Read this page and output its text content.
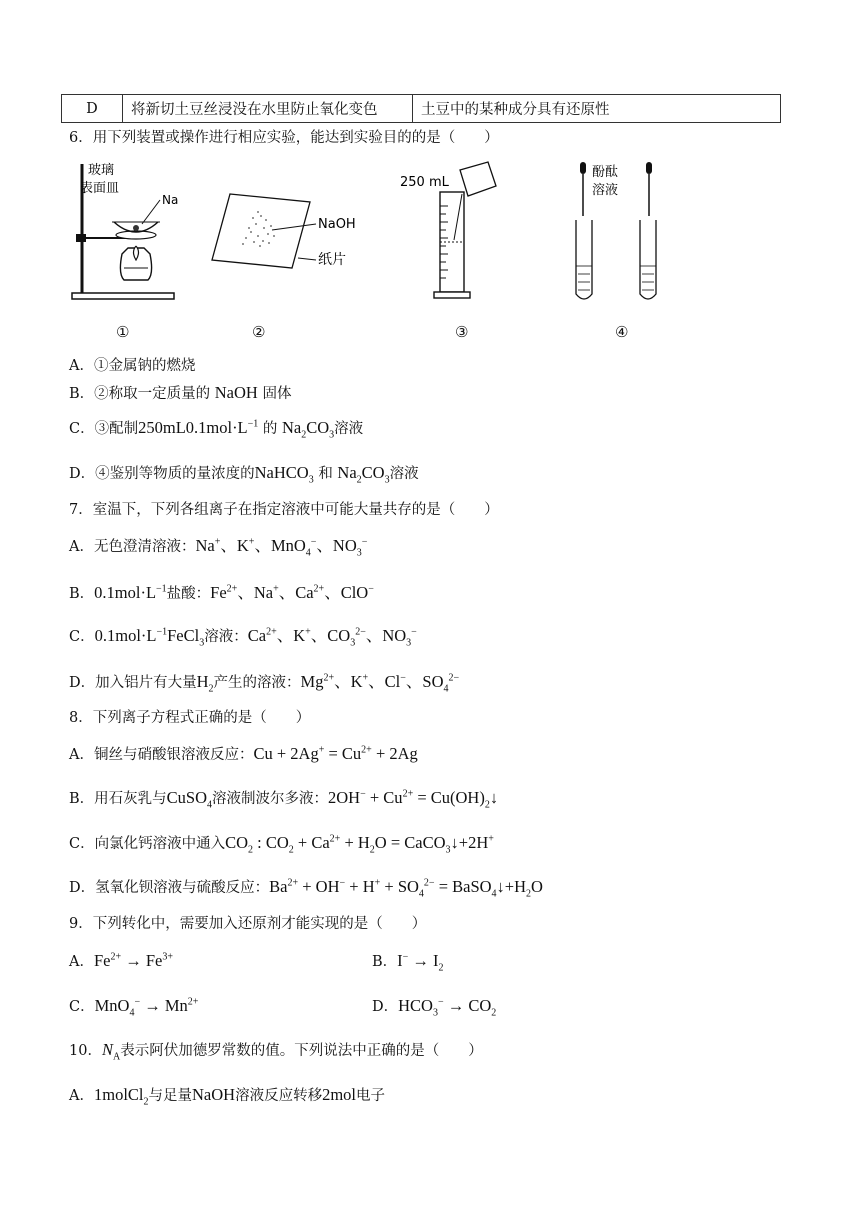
D	将新切土豆丝浸没在水里防止氧化变色	土豆中的某种成分具有还原性
6．用下列装置或操作进行相应实验，能达到实验目的的是（　　）
玻璃
表面皿
Na
NaOH
纸片
250 mL
酚酞
溶液
①	②	③	④
A．①金属钠的燃烧
B．②称取一定质量的 NaOH 固体
C．③配制$250mL0.1mol\cdot L^{-1}$ 的 $Na_2CO_3$溶液
D．④鉴别等物质的量浓度的NaHCO$_3$ 和 $Na_2CO_3$溶液
7．室温下，下列各组离子在指定溶液中可能大量共存的是（　　）
A．无色澄清溶液：Na+、K+、MnO$_4$−、$NO_3^-$
B．$0.1mol\cdot L^{-1}$盐酸：$Fe^{2+}$、Na+、$Ca^{2+}$、ClO−
C．$0.1mol\cdot L^{-1}FeCl_3$溶液：$Ca^{2+}$、K+、$CO_3^{2-}$、$NO_3^-$
D．加入铝片有大量$H_2$产生的溶液：$Mg^{2+}$、K+、Cl−、$SO_4^{2-}$
8．下列离子方程式正确的是（　　）
A．铜丝与硝酸银溶液反应：$Cu + 2Ag^+ = Cu^{2+} + 2Ag$
B．用石灰乳与CuSO$_4$溶液制波尔多液：$2OH^- + Cu^{2+}$ = $Cu(OH)_2↓$
C．向氯化钙溶液中通入$CO_2$ : $CO_2 + Ca^{2+} + H_2O$ = CaCO$_3$↓+2H+
D．氢氧化钡溶液与硫酸反应：$Ba^{2+} + OH^- + H^+ + SO_4^{2-}$ = $BaSO_4↓+H_2O$
9．下列转化中，需要加入还原剂才能实现的是（　　）
A．$Fe^{2+} \to Fe^{3+}$	B．$I^- \to I_2$
C．$MnO_4^- \to Mn^{2+}$	D．$HCO_3^- \to CO_2$
10．$N_A$表示阿伏加德罗常数的值。下列说法中正确的是（　　）
A．1molCl$_2$与足量NaOH溶液反应转移2mol电子
